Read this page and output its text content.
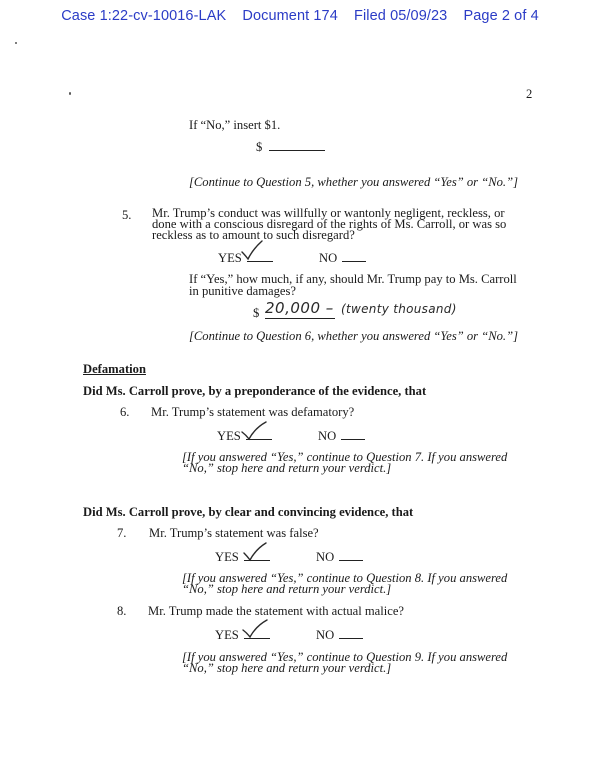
Case 1:22-cv-10016-LAK Document 174 Filed 05/09/23 Page 2 of 4
2
If “No,” insert $1.
$
[Continue to Question 5, whether you answered “Yes” or “No.”]
5. Mr. Trump’s conduct was willfully or wantonly negligent, reckless, or done with a conscious disregard of the rights of Ms. Carroll, or was so reckless as to amount to such disregard?
YES	NO
If “Yes,” how much, if any, should Mr. Trump pay to Ms. Carroll in punitive damages?
$ 20,000 – (twenty thousand)
[Continue to Question 6, whether you answered “Yes” or “No.”]
Defamation
Did Ms. Carroll prove, by a preponderance of the evidence, that
6. Mr. Trump’s statement was defamatory?
YES	NO
[If you answered “Yes,” continue to Question 7. If you answered “No,” stop here and return your verdict.]
Did Ms. Carroll prove, by clear and convincing evidence, that
7. Mr. Trump’s statement was false?
YES	NO
[If you answered “Yes,” continue to Question 8. If you answered “No,” stop here and return your verdict.]
8. Mr. Trump made the statement with actual malice?
YES	NO
[If you answered “Yes,” continue to Question 9. If you answered “No,” stop here and return your verdict.]
